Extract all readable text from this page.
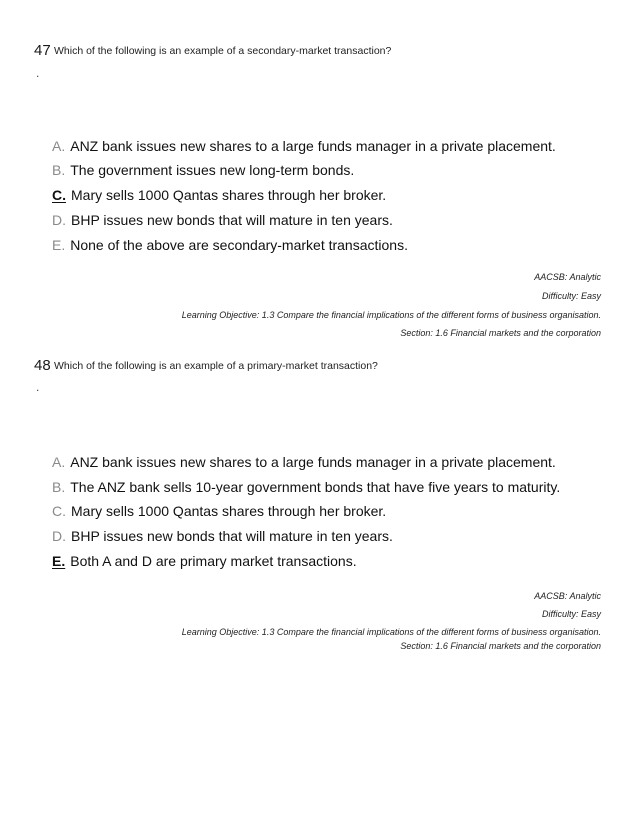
47 Which of the following is an example of a secondary-market transaction?
.
A. ANZ bank issues new shares to a large funds manager in a private placement.
B. The government issues new long-term bonds.
C. Mary sells 1000 Qantas shares through her broker.
D. BHP issues new bonds that will mature in ten years.
E. None of the above are secondary-market transactions.
AACSB: Analytic
Difficulty: Easy
Learning Objective: 1.3 Compare the financial implications of the different forms of business organisation.
Section: 1.6 Financial markets and the corporation
48 Which of the following is an example of a primary-market transaction?
.
A. ANZ bank issues new shares to a large funds manager in a private placement.
B. The ANZ bank sells 10-year government bonds that have five years to maturity.
C. Mary sells 1000 Qantas shares through her broker.
D. BHP issues new bonds that will mature in ten years.
E. Both A and D are primary market transactions.
AACSB: Analytic
Difficulty: Easy
Learning Objective: 1.3 Compare the financial implications of the different forms of business organisation.
Section: 1.6 Financial markets and the corporation
